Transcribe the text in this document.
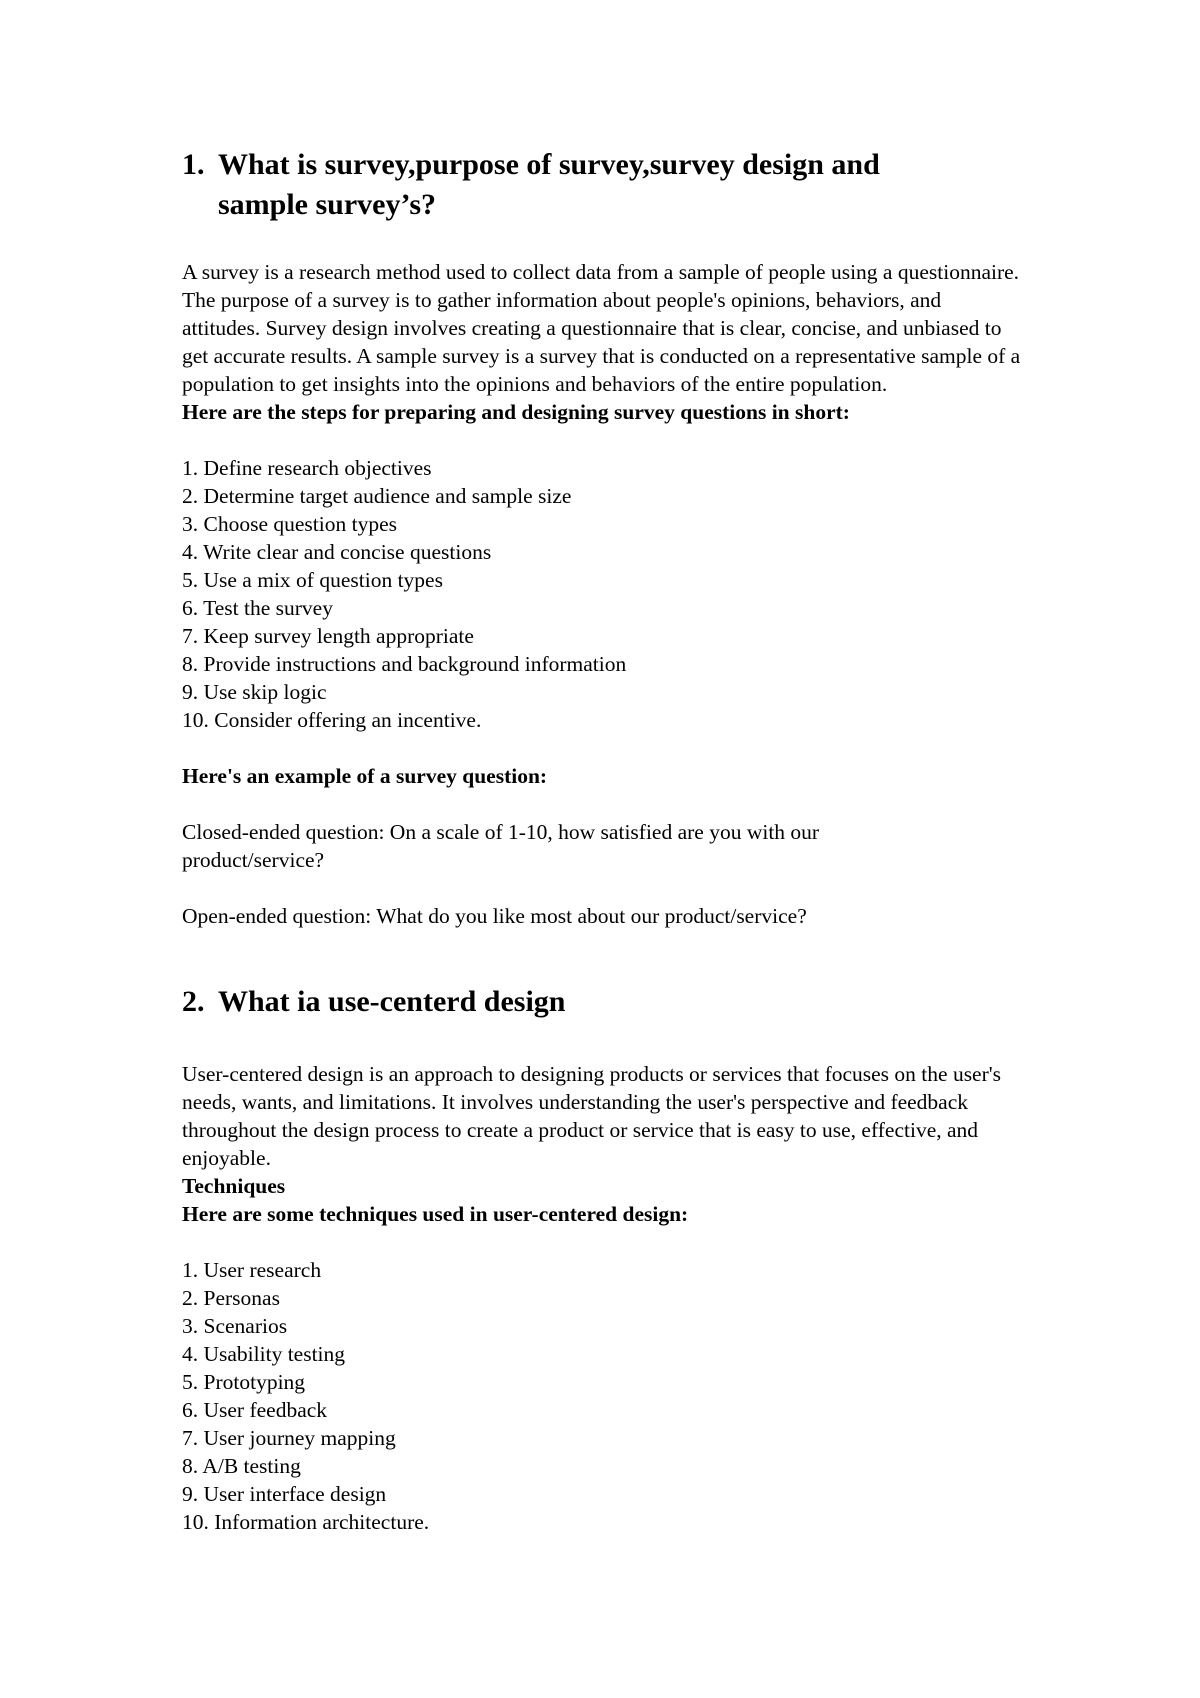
1. What is survey,purpose of survey,survey design and
sample survey’s?

A survey is a research method used to collect data from a sample of people using a questionnaire. The purpose of a survey is to gather information about people's opinions, behaviors, and attitudes. Survey design involves creating a questionnaire that is clear, concise, and unbiased to get accurate results. A sample survey is a survey that is conducted on a representative sample of a population to get insights into the opinions and behaviors of the entire population.

Here are the steps for preparing and designing survey questions in short:

1. Define research objectives
2. Determine target audience and sample size
3. Choose question types
4. Write clear and concise questions
5. Use a mix of question types
6. Test the survey
7. Keep survey length appropriate
8. Provide instructions and background information
9. Use skip logic
10. Consider offering an incentive.

Here's an example of a survey question:

Closed-ended question: On a scale of 1-10, how satisfied are you with our product/service?

Open-ended question: What do you like most about our product/service?

2. What ia use-centerd design

User-centered design is an approach to designing products or services that focuses on the user's needs, wants, and limitations. It involves understanding the user's perspective and feedback throughout the design process to create a product or service that is easy to use, effective, and enjoyable.

Techniques

Here are some techniques used in user-centered design:

1. User research
2. Personas
3. Scenarios
4. Usability testing
5. Prototyping
6. User feedback
7. User journey mapping
8. A/B testing
9. User interface design
10. Information architecture.
